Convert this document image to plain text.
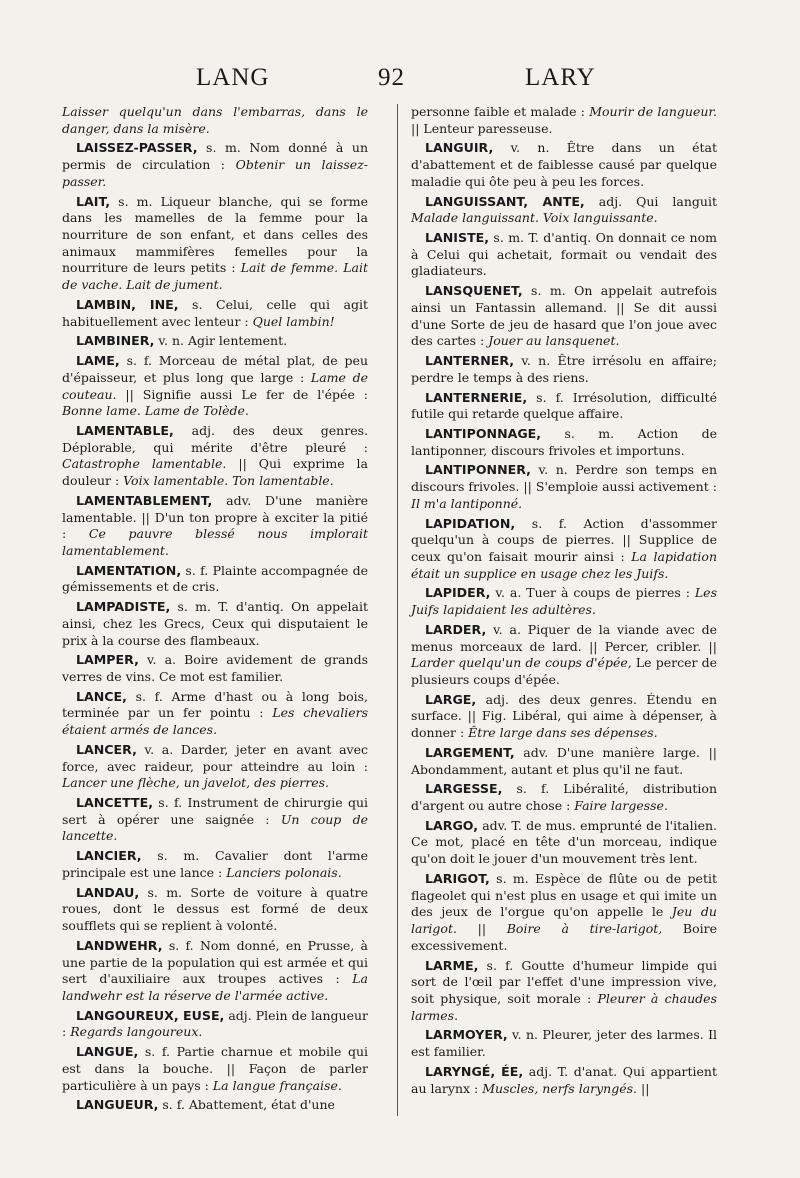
LANG	92	LARY

Laisser quelqu'un dans l'embarras, dans le danger, dans la misère.

LAISSEZ-PASSER, s. m. Nom donné à un permis de circulation : Obtenir un laissez-passer.

LAIT, s. m. Liqueur blanche, qui se forme dans les mamelles de la femme pour la nourriture de son enfant, et dans celles des animaux mammifères femelles pour la nourriture de leurs petits : Lait de femme. Lait de vache. Lait de jument.

LAMBIN, INE, s. Celui, celle qui agit habituellement avec lenteur : Quel lambin!

LAMBINER, v. n. Agir lentement.

LAME, s. f. Morceau de métal plat, de peu d'épaisseur, et plus long que large : Lame de couteau. || Signifie aussi Le fer de l'épée : Bonne lame. Lame de Tolède.

LAMENTABLE, adj. des deux genres. Déplorable, qui mérite d'être pleuré : Catastrophe lamentable. || Qui exprime la douleur : Voix lamentable. Ton lamentable.

LAMENTABLEMENT, adv. D'une manière lamentable. || D'un ton propre à exciter la pitié : Ce pauvre blessé nous implorait lamentablement.

LAMENTATION, s. f. Plainte accompagnée de gémissements et de cris.

LAMPADISTE, s. m. T. d'antiq. On appelait ainsi, chez les Grecs, Ceux qui disputaient le prix à la course des flambeaux.

LAMPER, v. a. Boire avidement de grands verres de vins. Ce mot est familier.

LANCE, s. f. Arme d'hast ou à long bois, terminée par un fer pointu : Les chevaliers étaient armés de lances.

LANCER, v. a. Darder, jeter en avant avec force, avec raideur, pour atteindre au loin : Lancer une flèche, un javelot, des pierres.

LANCETTE, s. f. Instrument de chirurgie qui sert à opérer une saignée : Un coup de lancette.

LANCIER, s. m. Cavalier dont l'arme principale est une lance : Lanciers polonais.

LANDAU, s. m. Sorte de voiture à quatre roues, dont le dessus est formé de deux soufflets qui se replient à volonté.

LANDWEHR, s. f. Nom donné, en Prusse, à une partie de la population qui est armée et qui sert d'auxiliaire aux troupes actives : La landwehr est la réserve de l'armée active.

LANGOUREUX, EUSE, adj. Plein de langueur : Regards langoureux.

LANGUE, s. f. Partie charnue et mobile qui est dans la bouche. || Façon de parler particulière à un pays : La langue française.

LANGUEUR, s. f. Abattement, état d'une

personne faible et malade : Mourir de langueur. || Lenteur paresseuse.

LANGUIR, v. n. Être dans un état d'abattement et de faiblesse causé par quelque maladie qui ôte peu à peu les forces.

LANGUISSANT, ANTE, adj. Qui languit Malade languissant. Voix languissante.

LANISTE, s. m. T. d'antiq. On donnait ce nom à Celui qui achetait, formait ou vendait des gladiateurs.

LANSQUENET, s. m. On appelait autrefois ainsi un Fantassin allemand. || Se dit aussi d'une Sorte de jeu de hasard que l'on joue avec des cartes : Jouer au lansquenet.

LANTERNER, v. n. Être irrésolu en affaire; perdre le temps à des riens.

LANTERNERIE, s. f. Irrésolution, difficulté futile qui retarde quelque affaire.

LANTIPONNAGE, s. m. Action de lantiponner, discours frivoles et importuns.

LANTIPONNER, v. n. Perdre son temps en discours frivoles. || S'emploie aussi activement : Il m'a lantiponné.

LAPIDATION, s. f. Action d'assommer quelqu'un à coups de pierres. || Supplice de ceux qu'on faisait mourir ainsi : La lapidation était un supplice en usage chez les Juifs.

LAPIDER, v. a. Tuer à coups de pierres : Les Juifs lapidaient les adultères.

LARDER, v. a. Piquer de la viande avec de menus morceaux de lard. || Percer, cribler. || Larder quelqu'un de coups d'épée, Le percer de plusieurs coups d'épée.

LARGE, adj. des deux genres. Étendu en surface. || Fig. Libéral, qui aime à dépenser, à donner : Être large dans ses dépenses.

LARGEMENT, adv. D'une manière large. || Abondamment, autant et plus qu'il ne faut.

LARGESSE, s. f. Libéralité, distribution d'argent ou autre chose : Faire largesse.

LARGO, adv. T. de mus. emprunté de l'italien. Ce mot, placé en tête d'un morceau, indique qu'on doit le jouer d'un mouvement très lent.

LARIGOT, s. m. Espèce de flûte ou de petit flageolet qui n'est plus en usage et qui imite un des jeux de l'orgue qu'on appelle le Jeu du larigot. || Boire à tire-larigot, Boire excessivement.

LARME, s. f. Goutte d'humeur limpide qui sort de l'œil par l'effet d'une impression vive, soit physique, soit morale : Pleurer à chaudes larmes.

LARMOYER, v. n. Pleurer, jeter des larmes. Il est familier.

LARYNGÉ, ÉE, adj. T. d'anat. Qui appartient au larynx : Muscles, nerfs laryngés. ||
